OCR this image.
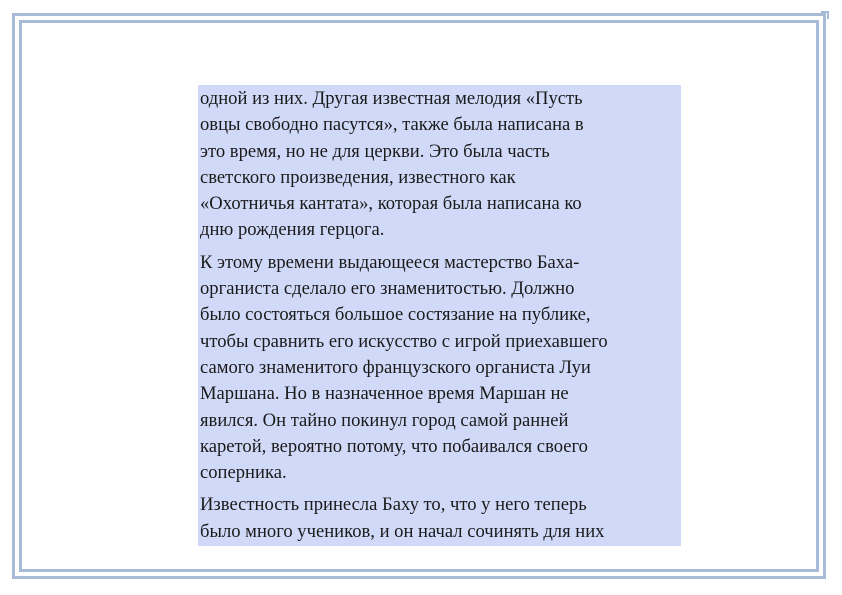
одной из них. Другая известная мелодия «Пусть
овцы свободно пасутся», также была написана в
это время, но не для церкви. Это была часть
светского произведения, известного как
«Охотничья кантата», которая была написана ко
дню рождения герцога.

К этому времени выдающееся мастерство Баха-
органиста сделало его знаменитостью. Должно
было состояться большое состязание на публике,
чтобы сравнить его искусство с игрой приехавшего
самого знаменитого французского органиста Луи
Маршана. Но в назначенное время Маршан не
явился. Он тайно покинул город самой ранней
каретой, вероятно потому, что побаивался своего
соперника.

Известность принесла Баху то, что у него теперь
было много учеников, и он начал сочинять для них
